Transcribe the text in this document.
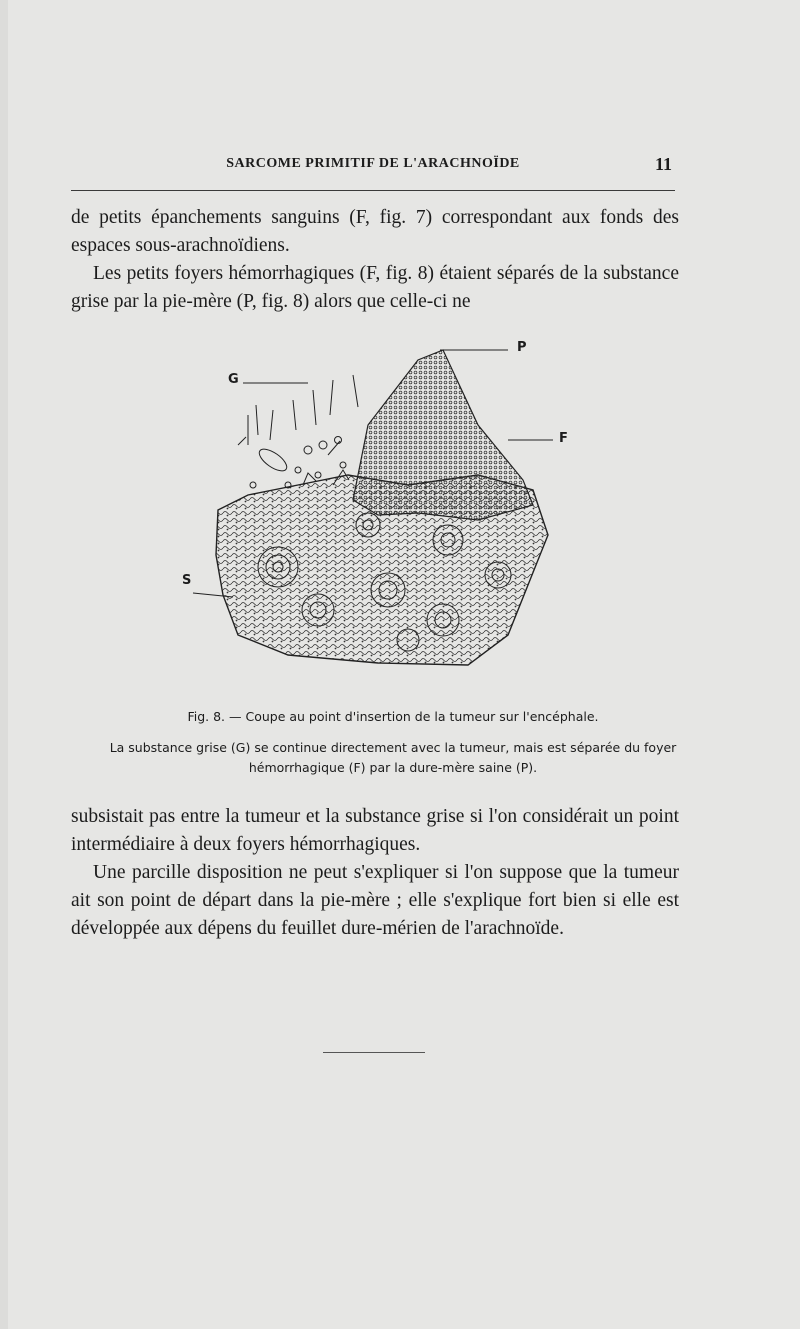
SARCOME PRIMITIF DE L'ARACHNOÏDE	11

de petits épanchements sanguins (F, fig. 7) correspondant aux fonds des espaces sous-arachnoïdiens.

Les petits foyers hémorrhagiques (F, fig. 8) étaient séparés de la substance grise par la pie-mère (P, fig. 8) alors que celle-ci ne

P
G
F
S
Fig. 8. — Coupe au point d'insertion de la tumeur sur l'encéphale.
La substance grise (G) se continue directement avec la tumeur, mais est séparée du foyer hémorrhagique (F) par la dure-mère saine (P).

subsistait pas entre la tumeur et la substance grise si l'on considérait un point intermédiaire à deux foyers hémorrhagiques.

Une parcille disposition ne peut s'expliquer si l'on suppose que la tumeur ait son point de départ dans la pie-mère ; elle s'explique fort bien si elle est développée aux dépens du feuillet dure-mérien de l'arachnoïde.
